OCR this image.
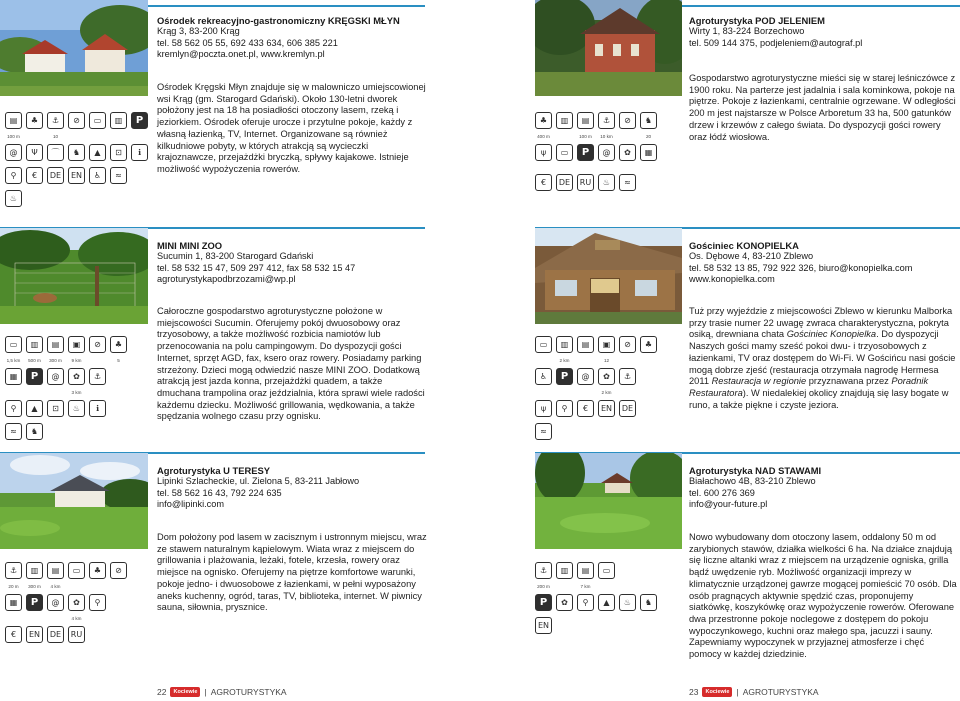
Ośrodek rekreacyjno-gastronomiczny KRĘGSKI MŁYN
Krąg 3, 83-200 Krąg
tel. 58 562 05 55, 692 433 634, 606 385 221
kremlyn@poczta.onet.pl, www.kremlyn.pl
Ośrodek Kręgski Młyn znajduje się w malowniczo umiejscowionej wsi Krąg (gm. Starogard Gdański). Około 130-letni dworek położony jest na 18 ha posiadłości otoczony lasem, rzeką i jeziorkiem. Ośrodek oferuje urocze i przytulne pokoje, każdy z własną łazienką, TV, Internet. Organizowane są również kilkudniowe pobyty, w których atrakcją są wycieczki krajoznawcze, przejażdżki bryczką, spływy kajakowe. Istnieje możliwość wypożyczenia rowerów.
▤	♣	⚓	⊘	▭	▥	P
100 m	10
@	Ψ	⌒	♞	▲	⊡	ℹ
⚲	€	DE	EN	♿	≈
♨
Agroturystyka POD JELENIEM
Wirty 1, 83-224 Borzechowo
tel. 509 144 375, podjeleniem@autograf.pl
Gospodarstwo agroturystyczne mieści się w starej leśniczówce z 1900 roku. Na parterze jest jadalnia i sala kominkowa, pokoje na piętrze. Pokoje z łazienkami, centralnie ogrzewane. W odległości 200 m jest najstarsze w Polsce Arboretum 33 ha, 500 gatunków drzew i krzewów z całego świata. Do dyspozycji gości rowery oraz łódź wiosłowa.
♣	▥	▤	⚓	⊘	♞
400 m	100 m	10 km	20
ψ	▭	P	@	✿	▦
€	DE	RU	♨	≈
MINI MINI ZOO
Sucumin 1, 83-200 Starogard Gdański
tel. 58 532 15 47, 509 297 412, fax 58 532 15 47
agroturystykapodbrzozami@wp.pl
Całoroczne gospodarstwo agroturystyczne położone w miejscowości Sucumin. Oferujemy pokój dwuosobowy oraz trzyosobowy, a także możliwość rozbicia namiotów lub przenocowania na polu campingowym. Do dyspozycji gości Internet, sprzęt AGD, fax, ksero oraz rowery. Posiadamy parking strzeżony. Dzieci mogą odwiedzić nasze MINI ZOO. Dodatkową atrakcją jest jazda konna, przejażdżki quadem, a także dmuchana trampolina oraz jeździalnia, która sprawi wiele radości każdemu dziecku. Możliwość grillowania, wędkowania, a także spędzania wolnego czasu przy ognisku.
▭	▥	▤	▣	⊘	♣
1,5 km	500 m	300 m	9 km	5
▦	P	@	✿	⚓
3 km
⚲	▲	⊡	♨	ℹ
≈	♞
Gościniec KONOPIELKA
Os. Dębowe 4, 83-210 Zblewo
tel. 58 532 13 85, 792 922 326, biuro@konopielka.com
www.konopielka.com
Tuż przy wyjeździe z miejscowości Zblewo w kierunku Malborka przy trasie numer 22 uwagę zwraca charakterystyczna, pokryta osiką, drewniana chata Gościniec Konopielka. Do dyspozycji Naszych gości mamy sześć pokoi dwu- i trzyosobowych z łazienkami, TV oraz dostępem do Wi-Fi. W Gościńcu nasi goście mogą dobrze zjeść (restauracja otrzymała nagrodę Hermesa 2011 Restauracja w regionie przyznawana przez Poradnik Restauratora). W niedalekiej okolicy znajdują się lasy bogate w runo, a także piękne i czyste jeziora.
▭	▥	▤	▣	⊘	♣
2 km	12
♿	P	@	✿	⚓
2 km
ψ	⚲	€	EN	DE
≈
Agroturystyka U TERESY
Lipinki Szlacheckie, ul. Zielona 5, 83-211 Jabłowo
tel. 58 562 16 43, 792 224 635
info@lipinki.com
Dom położony pod lasem w zacisznym i ustronnym miejscu, wraz ze stawem naturalnym kąpielowym. Wiata wraz z miejscem do grillowania i plażowania, leżaki, fotele, krzesła, rowery oraz miejsce na ognisko. Oferujemy na piętrze komfortowe warunki, pokoje jedno- i dwuosobowe z łazienkami, w pełni wyposażony aneks kuchenny, ogród, taras, TV, biblioteka, internet. W piwnicy sauna, siłownia, prysznice.
⚓	▥	▤	▭	♣	⊘
20 m	300 m	4 km
▦	P	@	✿	⚲
4 km
€	EN	DE	RU
Agroturystyka NAD STAWAMI
Białachowo 4B, 83-210 Zblewo
tel. 600 276 369
info@your-future.pl
Nowo wybudowany dom otoczony lasem, oddalony 50 m od zarybionych stawów, działka wielkości 6 ha. Na działce znajdują się liczne altanki wraz z miejscem na urządzenie ogniska, grilla bądź uwędzenie ryb. Możliwość organizacji imprezy w klimatycznie urządzonej gawrze mogącej pomieścić 70 osób. Dla osób pragnących aktywnie spędzić czas, proponujemy siatkówkę, koszykówkę oraz wypożyczenie rowerów. Oferowane dwa przestronne pokoje noclegowe z dostępem do pokoju wypoczynkowego, kuchni oraz małego spa, jacuzzi i sauny. Zapewniamy wypoczynek w przyjaznej atmosferze i chęć pomocy w każdej dziedzinie.
⚓	▥	▤	▭
200 m	7 km
P	✿	⚲	▲	♨	♞
EN
22	Kociewie | AGROTURYSTYKA	23	Kociewie | AGROTURYSTYKA
